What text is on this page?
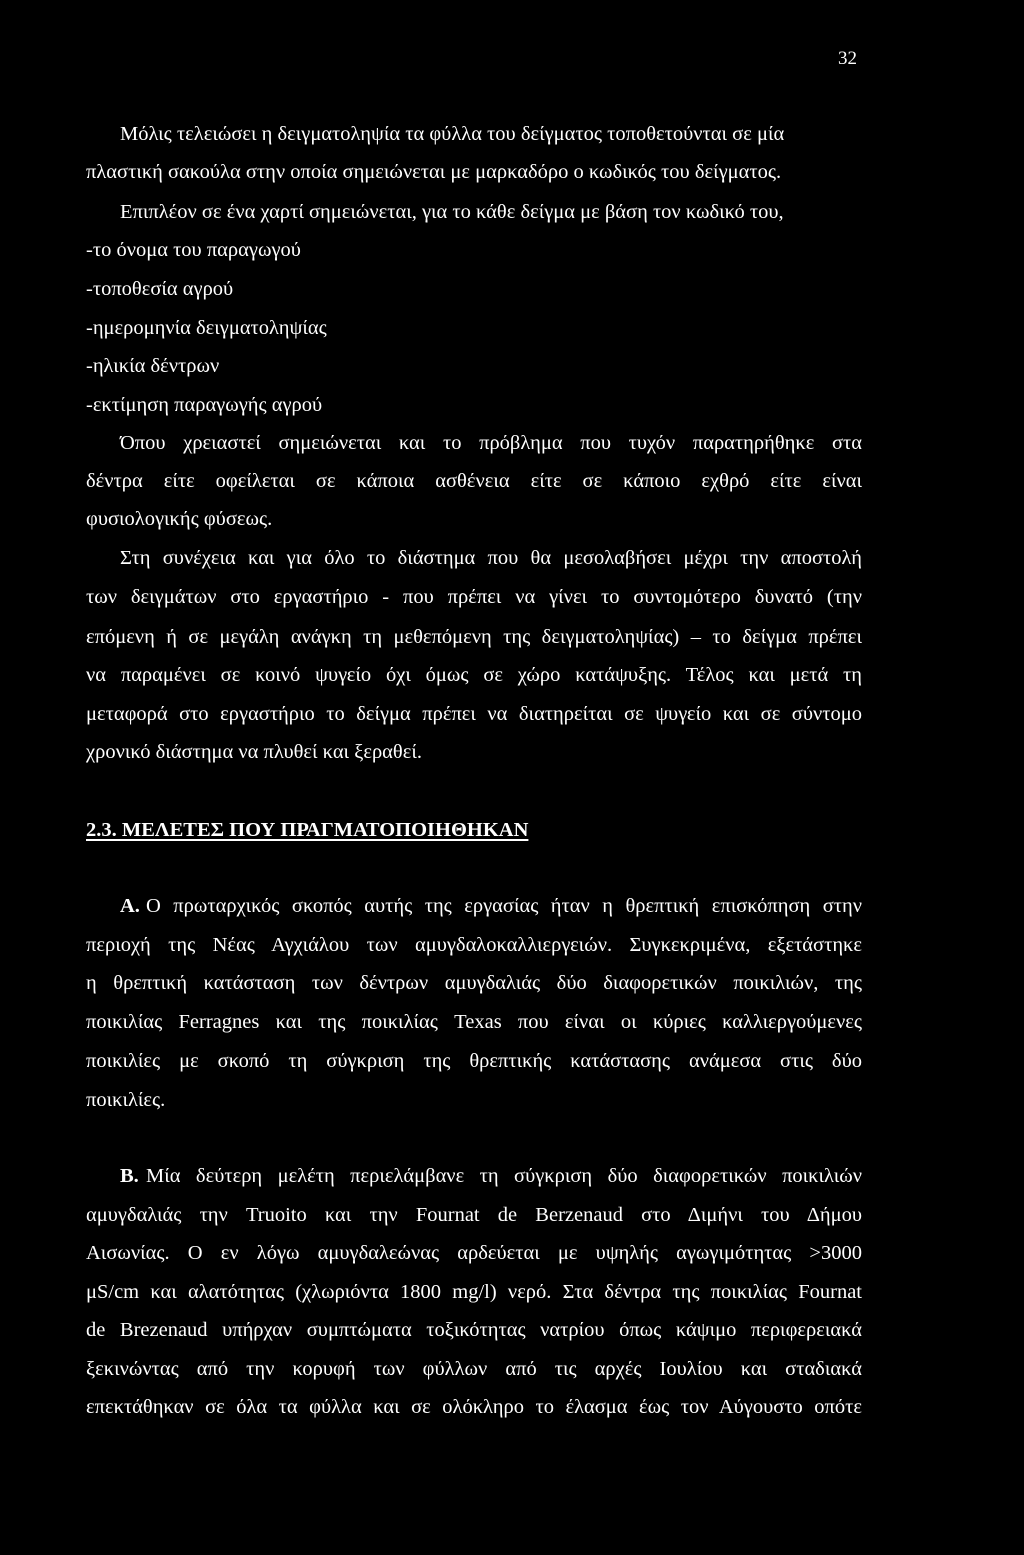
32
Μόλις τελειώσει η δειγματοληψία τα φύλλα του δείγματος τοποθετούνται σε μία
πλαστική σακούλα στην οποία σημειώνεται με μαρκαδόρο ο κωδικός του δείγματος.
Επιπλέον σε ένα χαρτί σημειώνεται, για το κάθε δείγμα με βάση τον κωδικό του,
-το όνομα του παραγωγού
-τοποθεσία αγρού
-ημερομηνία δειγματοληψίας
-ηλικία δέντρων
-εκτίμηση παραγωγής αγρού
Όπου χρειαστεί σημειώνεται και το πρόβλημα που τυχόν παρατηρήθηκε στα
δέντρα είτε οφείλεται σε κάποια ασθένεια είτε σε κάποιο εχθρό είτε είναι
φυσιολογικής φύσεως.
Στη συνέχεια και για όλο το διάστημα που θα μεσολαβήσει μέχρι την αποστολή
των δειγμάτων στο εργαστήριο - που πρέπει να γίνει το συντομότερο δυνατό (την
επόμενη ή σε μεγάλη ανάγκη τη μεθεπόμενη της δειγματοληψίας) – το δείγμα πρέπει
να παραμένει σε κοινό ψυγείο όχι όμως σε χώρο κατάψυξης. Τέλος και μετά τη
μεταφορά στο εργαστήριο το δείγμα πρέπει να διατηρείται σε ψυγείο και σε σύντομο
χρονικό διάστημα να πλυθεί και ξεραθεί.
2.3. ΜΕΛΕΤΕΣ ΠΟΥ ΠΡΑΓΜΑΤΟΠΟΙΗΘΗΚΑΝ
Α. Ο πρωταρχικός σκοπός αυτής της εργασίας ήταν η θρεπτική επισκόπηση στην
περιοχή της Νέας Αγχιάλου των αμυγδαλοκαλλιεργειών. Συγκεκριμένα, εξετάστηκε
η θρεπτική κατάσταση των δέντρων αμυγδαλιάς δύο διαφορετικών ποικιλιών, της
ποικιλίας Ferragnes και της ποικιλίας Texas που είναι οι κύριες καλλιεργούμενες
ποικιλίες με σκοπό τη σύγκριση της θρεπτικής κατάστασης ανάμεσα στις δύο
ποικιλίες.
Β. Μία δεύτερη μελέτη περιελάμβανε τη σύγκριση δύο διαφορετικών ποικιλιών
αμυγδαλιάς την Truoito και την Fournat de Berzenaud στο Διμήνι του Δήμου
Αισωνίας. Ο εν λόγω αμυγδαλεώνας αρδεύεται με υψηλής αγωγιμότητας >3000
μS/cm και αλατότητας (χλωριόντα 1800 mg/l) νερό. Στα δέντρα της ποικιλίας Fournat
de Brezenaud υπήρχαν συμπτώματα τοξικότητας νατρίου όπως κάψιμο περιφερειακά
ξεκινώντας από την κορυφή των φύλλων από τις αρχές Ιουλίου και σταδιακά
επεκτάθηκαν σε όλα τα φύλλα και σε ολόκληρο το έλασμα έως τον Αύγουστο οπότε
